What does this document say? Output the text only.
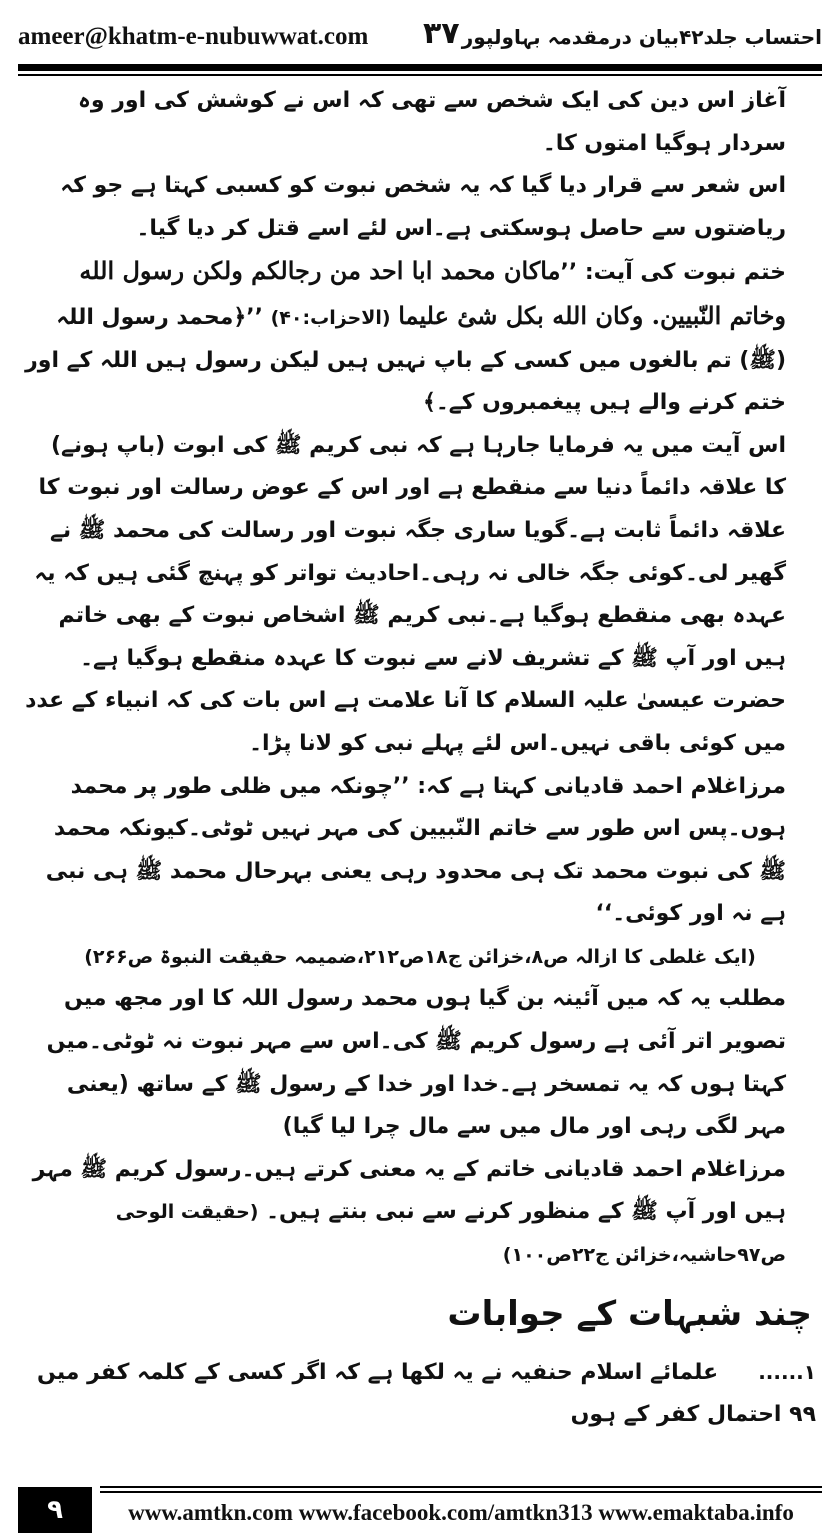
ameer@khatm-e-nubuwwat.com ۳۷ احتساب جلد۴۲بیان درمقدمہ بہاولپور

آغاز اس دین کی ایک شخص سے تھی کہ اس نے کوشش کی اور وہ سردار ہوگیا امتوں کا۔

اس شعر سے قرار دیا گیا کہ یہ شخص نبوت کو کسبی کہتا ہے جو کہ ریاضتوں سے حاصل ہوسکتی ہے۔اس لئے اسے قتل کر دیا گیا۔

ختم نبوت کی آیت: ’’ماکان محمد ابا احد من رجالکم ولکن رسول الله وخاتم النّبیین. وکان الله بکل شئ علیما (الاحزاب:۴۰) ’’﴿محمد رسول اللہ (ﷺ) تم بالغوں میں کسی کے باپ نہیں ہیں لیکن رسول ہیں اللہ کے اور ختم کرنے والے ہیں پیغمبروں کے۔﴾

اس آیت میں یہ فرمایا جارہا ہے کہ نبی کریم ﷺ کی ابوت (باپ ہونے) کا علاقہ دائماً دنیا سے منقطع ہے اور اس کے عوض رسالت اور نبوت کا علاقہ دائماً ثابت ہے۔گویا ساری جگہ نبوت اور رسالت کی محمد ﷺ نے گھیر لی۔کوئی جگہ خالی نہ رہی۔احادیث تواتر کو پہنچ گئی ہیں کہ یہ عہدہ بھی منقطع ہوگیا ہے۔نبی کریم ﷺ اشخاص نبوت کے بھی خاتم ہیں اور آپ ﷺ کے تشریف لانے سے نبوت کا عہدہ منقطع ہوگیا ہے۔حضرت عیسیٰ علیہ السلام کا آنا علامت ہے اس بات کی کہ انبیاء کے عدد میں کوئی باقی نہیں۔اس لئے پہلے نبی کو لانا پڑا۔

مرزاغلام احمد قادیانی کہتا ہے کہ: ’’چونکہ میں ظلی طور پر محمد ہوں۔پس اس طور سے خاتم النّبیین کی مہر نہیں ٹوٹی۔کیونکہ محمد ﷺ کی نبوت محمد تک ہی محدود رہی یعنی بہرحال محمد ﷺ ہی نبی ہے نہ اور کوئی۔‘‘

(ایک غلطی کا ازالہ ص۸،خزائن ج۱۸ص۲۱۲،ضمیمہ حقیقت النبوۃ ص۲۶۶)

مطلب یہ کہ میں آئینہ بن گیا ہوں محمد رسول اللہ کا اور مجھ میں تصویر اتر آئی ہے رسول کریم ﷺ کی۔اس سے مہر نبوت نہ ٹوٹی۔میں کہتا ہوں کہ یہ تمسخر ہے۔خدا اور خدا کے رسول ﷺ کے ساتھ (یعنی مہر لگی رہی اور مال میں سے مال چرا لیا گیا)

مرزاغلام احمد قادیانی خاتم کے یہ معنی کرتے ہیں۔رسول کریم ﷺ مہر ہیں اور آپ ﷺ کے منظور کرنے سے نبی بنتے ہیں۔ (حقیقت الوحی ص۹۷حاشیہ،خزائن ج۲۲ص۱۰۰)

چند شبہات کے جوابات

۱......علمائے اسلام حنفیہ نے یہ لکھا ہے کہ اگر کسی کے کلمہ کفر میں ۹۹ احتمال کفر کے ہوں

۹	www.amtkn.com www.facebook.com/amtkn313 www.emaktaba.info
